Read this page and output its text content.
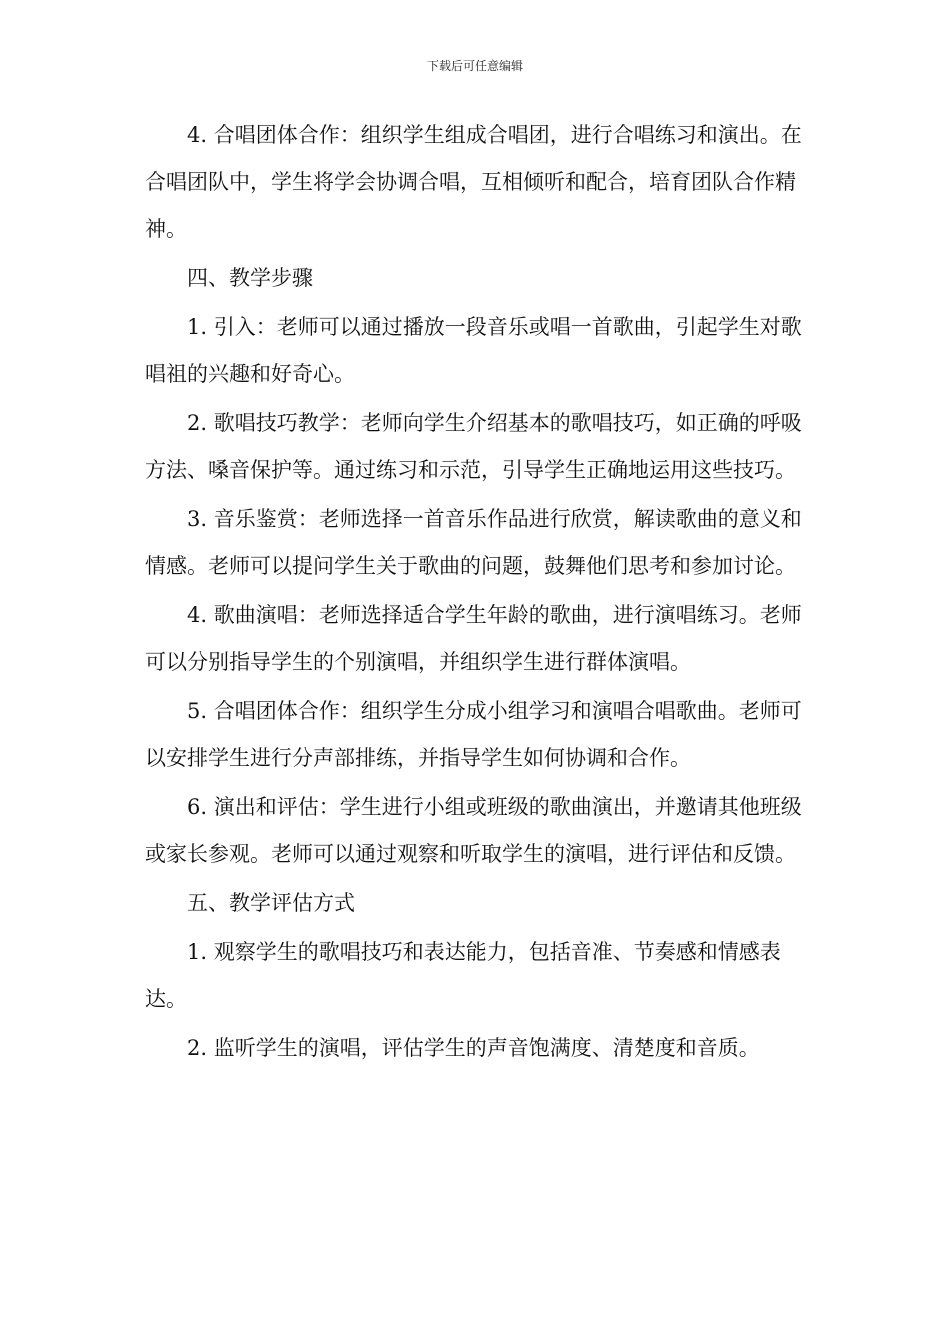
下载后可任意编辑

4. 合唱团体合作：组织学生组成合唱团，进行合唱练习和演出。在合唱团队中，学生将学会协调合唱，互相倾听和配合，培育团队合作精神。

四、教学步骤

1. 引入：老师可以通过播放一段音乐或唱一首歌曲，引起学生对歌唱祖的兴趣和好奇心。

2. 歌唱技巧教学：老师向学生介绍基本的歌唱技巧，如正确的呼吸方法、嗓音保护等。通过练习和示范，引导学生正确地运用这些技巧。

3. 音乐鉴赏：老师选择一首音乐作品进行欣赏，解读歌曲的意义和情感。老师可以提问学生关于歌曲的问题，鼓舞他们思考和参加讨论。

4. 歌曲演唱：老师选择适合学生年龄的歌曲，进行演唱练习。老师可以分别指导学生的个别演唱，并组织学生进行群体演唱。

5. 合唱团体合作：组织学生分成小组学习和演唱合唱歌曲。老师可以安排学生进行分声部排练，并指导学生如何协调和合作。

6. 演出和评估：学生进行小组或班级的歌曲演出，并邀请其他班级或家长参观。老师可以通过观察和听取学生的演唱，进行评估和反馈。

五、教学评估方式

1. 观察学生的歌唱技巧和表达能力，包括音准、节奏感和情感表达。

2. 监听学生的演唱，评估学生的声音饱满度、清楚度和音质。
